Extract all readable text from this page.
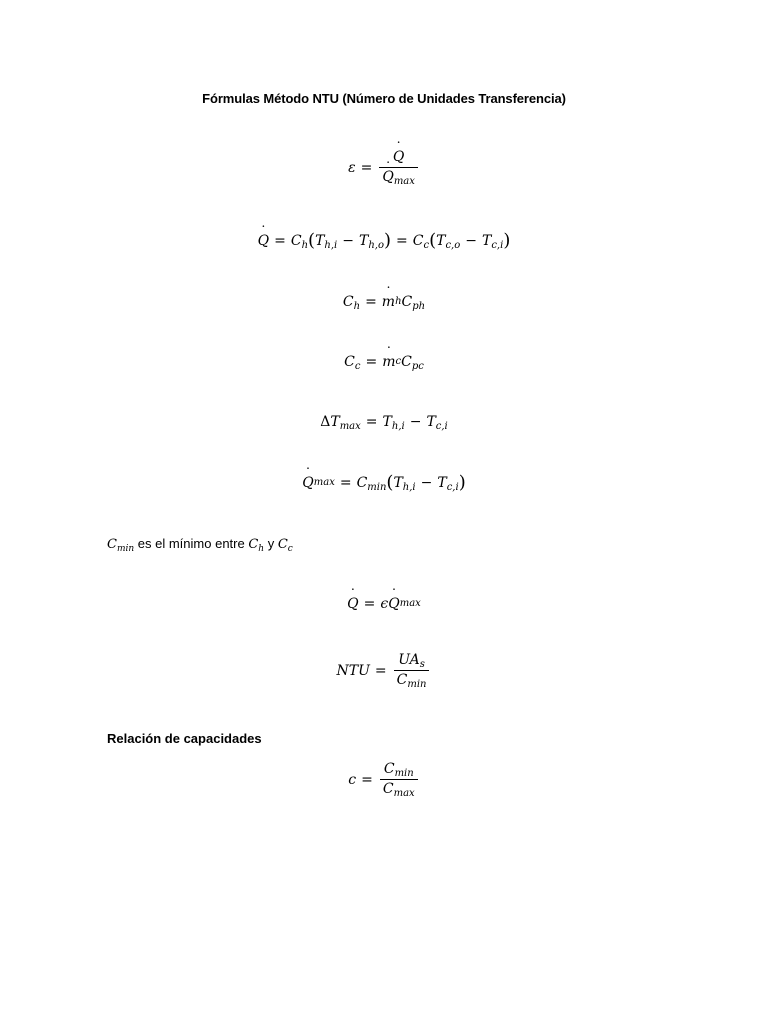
Fórmulas Método NTU (Número de Unidades Transferencia)
ε = ˙ Q
˙ $Q_{max}$
˙ $Q = C_h$ ( $T_{h,i} - T_{h,o}$ ) = $C_c$ ( $T_{c,o} - T_{c,i}$ )
$C_h$ = ˙ m h $C_{ph}$
$C_c$ = ˙ m c $C_{pc}$
Δ $T_{max} = T_{h,i} - T_{c,i}$
˙ Q $\max = C_{min}$ ( $T_{h,i} - T_{c,i}$ )
$C_{min}$ es el mínimo entre $C_h$ y $C_c$
˙ Q = ϵ ˙ Q max
NTU = $\frac{UA_s}{C_{min}}$
Relación de capacidades
$c = \frac{C_{min}}{C_{max}}$
